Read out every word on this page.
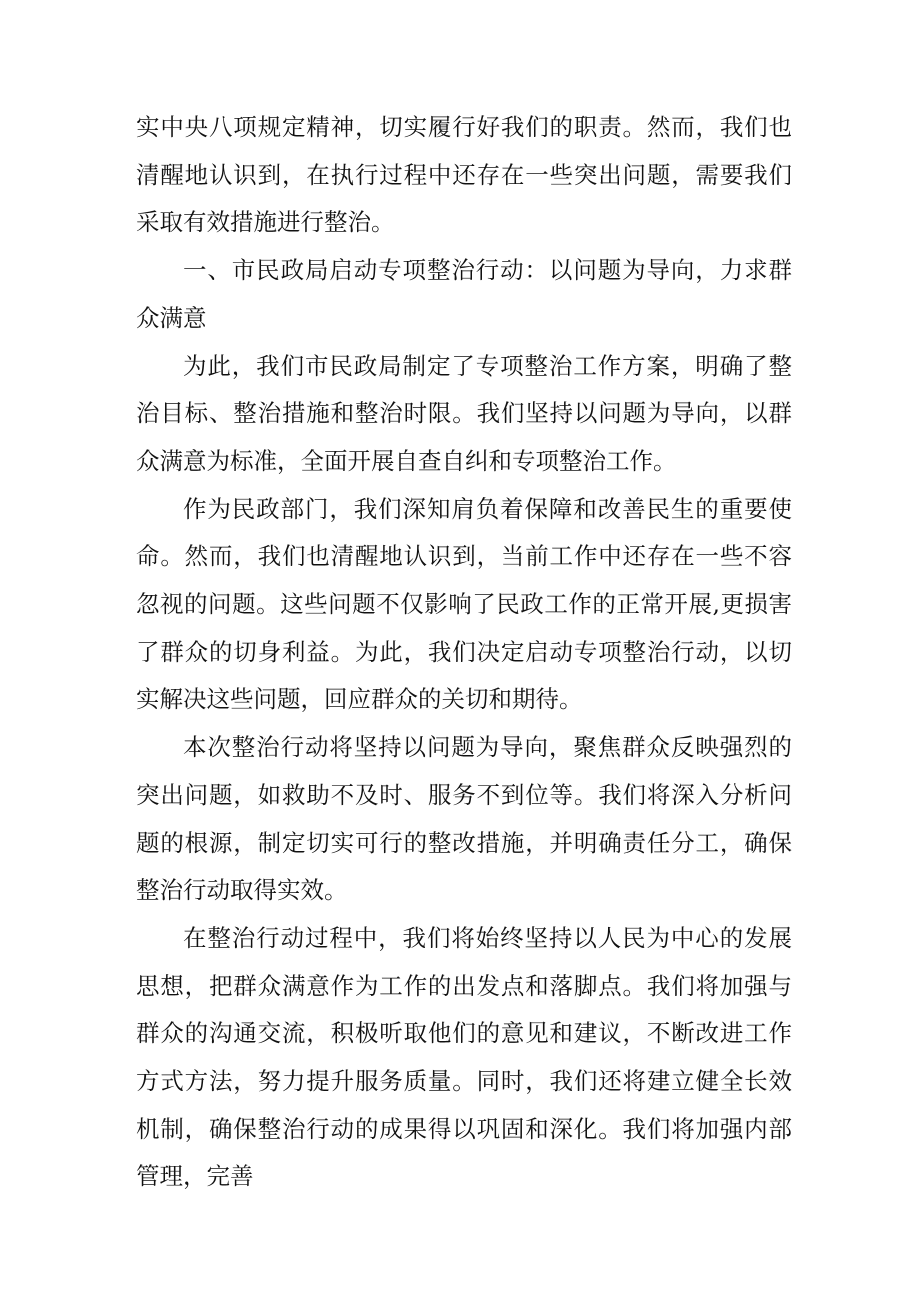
实中央八项规定精神，切实履行好我们的职责。然而，我们也清醒地认识到，在执行过程中还存在一些突出问题，需要我们采取有效措施进行整治。

一、市民政局启动专项整治行动：以问题为导向，力求群众满意

为此，我们市民政局制定了专项整治工作方案，明确了整治目标、整治措施和整治时限。我们坚持以问题为导向，以群众满意为标准，全面开展自查自纠和专项整治工作。

作为民政部门，我们深知肩负着保障和改善民生的重要使命。然而，我们也清醒地认识到，当前工作中还存在一些不容忽视的问题。这些问题不仅影响了民政工作的正常开展,更损害了群众的切身利益。为此，我们决定启动专项整治行动，以切实解决这些问题，回应群众的关切和期待。

本次整治行动将坚持以问题为导向，聚焦群众反映强烈的突出问题，如救助不及时、服务不到位等。我们将深入分析问题的根源，制定切实可行的整改措施，并明确责任分工，确保整治行动取得实效。

在整治行动过程中，我们将始终坚持以人民为中心的发展思想，把群众满意作为工作的出发点和落脚点。我们将加强与群众的沟通交流，积极听取他们的意见和建议，不断改进工作方式方法，努力提升服务质量。同时，我们还将建立健全长效机制，确保整治行动的成果得以巩固和深化。我们将加强内部管理，完善
